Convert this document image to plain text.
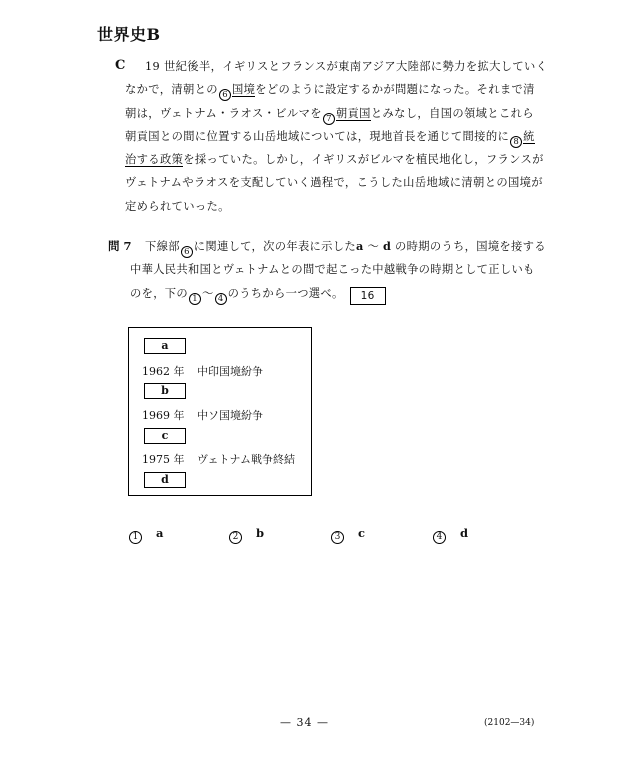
世界史B
C	19 世紀後半，イギリスとフランスが東南アジア大陸部に勢力を拡大していく
なかで，清朝との 6 国境をどのように設定するかが問題になった。それまで清
朝は，ヴェトナム・ラオス・ビルマを 7 朝貢国とみなし，自国の領域とこれら
朝貢国との間に位置する山岳地域については，現地首長を通じて間接的に 8 統
治する政策を採っていた。しかし，イギリスがビルマを植民地化し，フランスが
ヴェトナムやラオスを支配していく過程で，こうした山岳地域に清朝との国境が
定められていった。
問 7 下線部 6 に関連して，次の年表に示したa ～ d の時期のうち，国境を接する
中華人民共和国とヴェトナムとの間で起こった中越戦争の時期として正しいも
のを，下の 1 ～ 4 のうちから一つ選べ。 16
a
1962 年 中印国境紛争
b
1969 年 中ソ国境紛争
c
1975 年 ヴェトナム戦争終結
d
1 a	2 b	3 c	4 d
— 34 —	(2102—34)
